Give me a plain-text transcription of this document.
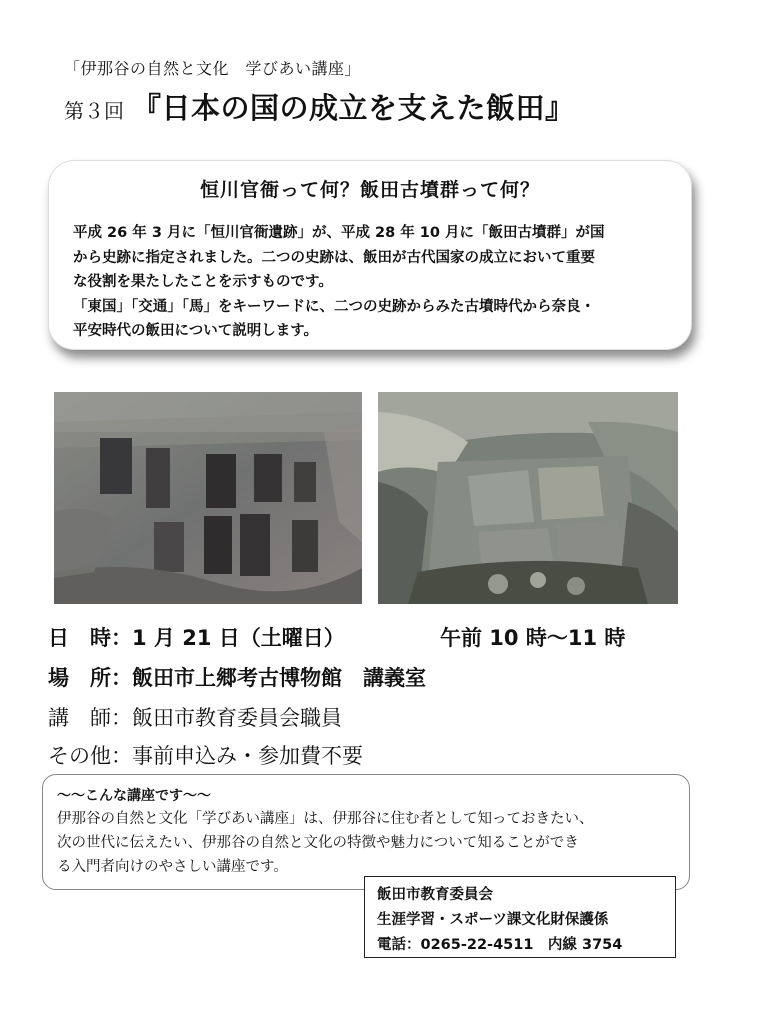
「伊那谷の自然と文化　学びあい講座」
第３回 『日本の国の成立を支えた飯田』
恒川官衙って何？飯田古墳群って何？

平成 26 年 3 月に「恒川官衙遺跡」が、平成 28 年 10 月に「飯田古墳群」が国

から史跡に指定されました。二つの史跡は、飯田が古代国家の成立において重要

な役割を果たしたことを示すものです。

「東国」「交通」「馬」をキーワードに、二つの史跡からみた古墳時代から奈良・

平安時代の飯田について説明します。

日　時：1 月 21 日（土曜日）	午前 10 時～11 時
場　所：飯田市上郷考古博物館　講義室
講　師：飯田市教育委員会職員
その他：事前申込み・参加費不要
～～こんな講座です～～

伊那谷の自然と文化「学びあい講座」は、伊那谷に住む者として知っておきたい、

次の世代に伝えたい、伊那谷の自然と文化の特徴や魅力について知ることができ

る入門者向けのやさしい講座です。

飯田市教育委員会
生涯学習・スポーツ課文化財保護係
電話：0265-22-4511　内線 3754
